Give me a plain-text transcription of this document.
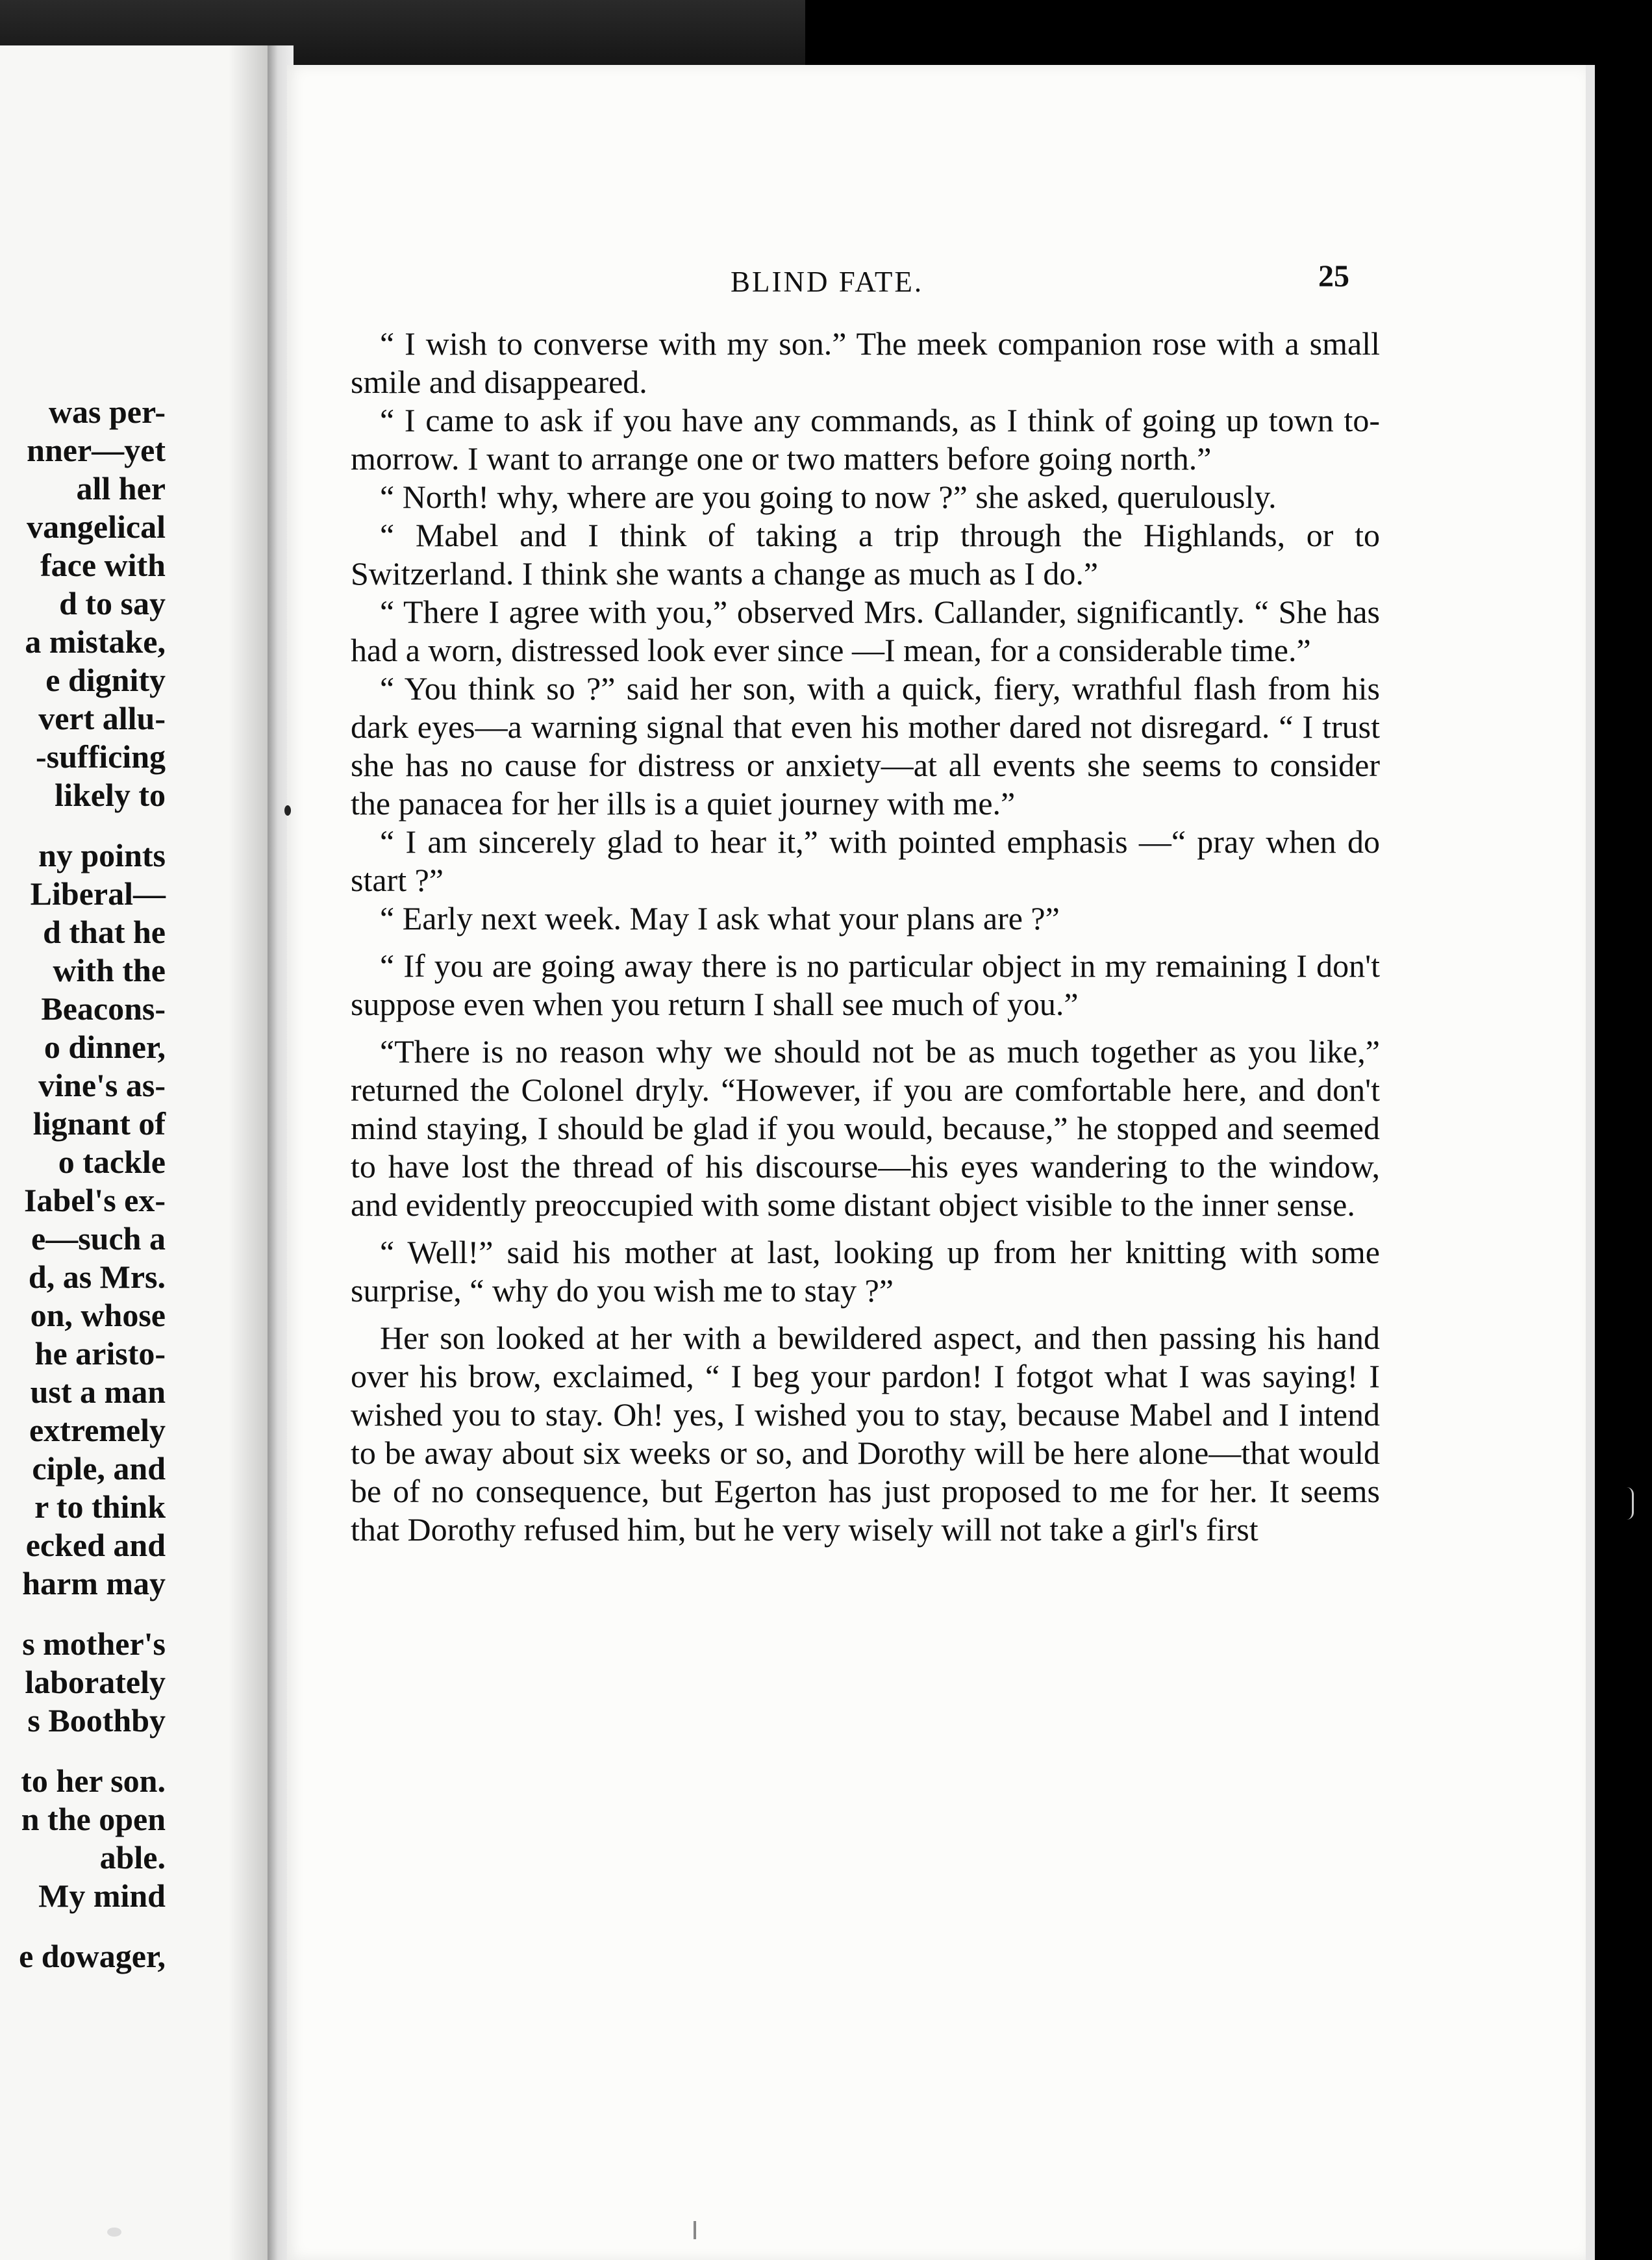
was per-
nner—yet
all her
vangelical
face with
d to say
a mistake,
e dignity
vert allu-
-sufficing
likely to
ny points
Liberal—
d that he
with the
Beacons-
o dinner,
vine's as-
lignant of
o tackle
Iabel's ex-
e—such a
d, as Mrs.
on, whose
he aristo-
ust a man
extremely
ciple, and
r to think
ecked and
harm may
s mother's
laborately
s Boothby
to her son.
n the open
able.
My mind
e dowager,
BLIND FATE.	25

“ I wish to converse with my son.” The meek companion rose with a small smile and disappeared.

“ I came to ask if you have any commands, as I think of going up town to-morrow. I want to arrange one or two matters before going north.”

“ North! why, where are you going to now ?” she asked, querulously.

“ Mabel and I think of taking a trip through the Highlands, or to Switzerland. I think she wants a change as much as I do.”

“ There I agree with you,” observed Mrs. Callander, significantly. “ She has had a worn, distressed look ever since —I mean, for a considerable time.”

“ You think so ?” said her son, with a quick, fiery, wrathful flash from his dark eyes—a warning signal that even his mother dared not disregard. “ I trust she has no cause for distress or anxiety—at all events she seems to consider the panacea for her ills is a quiet journey with me.”

“ I am sincerely glad to hear it,” with pointed emphasis —“ pray when do start ?”

“ Early next week. May I ask what your plans are ?”

“ If you are going away there is no particular object in my remaining I don't suppose even when you return I shall see much of you.”

“There is no reason why we should not be as much together as you like,” returned the Colonel dryly. “However, if you are comfortable here, and don't mind staying, I should be glad if you would, because,” he stopped and seemed to have lost the thread of his discourse—his eyes wandering to the window, and evidently preoccupied with some distant object visible to the inner sense.

“ Well!” said his mother at last, looking up from her knitting with some surprise, “ why do you wish me to stay ?”

Her son looked at her with a bewildered aspect, and then passing his hand over his brow, exclaimed, “ I beg your pardon! I fotgot what I was saying! I wished you to stay. Oh! yes, I wished you to stay, because Mabel and I intend to be away about six weeks or so, and Dorothy will be here alone—that would be of no consequence, but Egerton has just proposed to me for her. It seems that Dorothy refused him, but he very wisely will not take a girl's first
